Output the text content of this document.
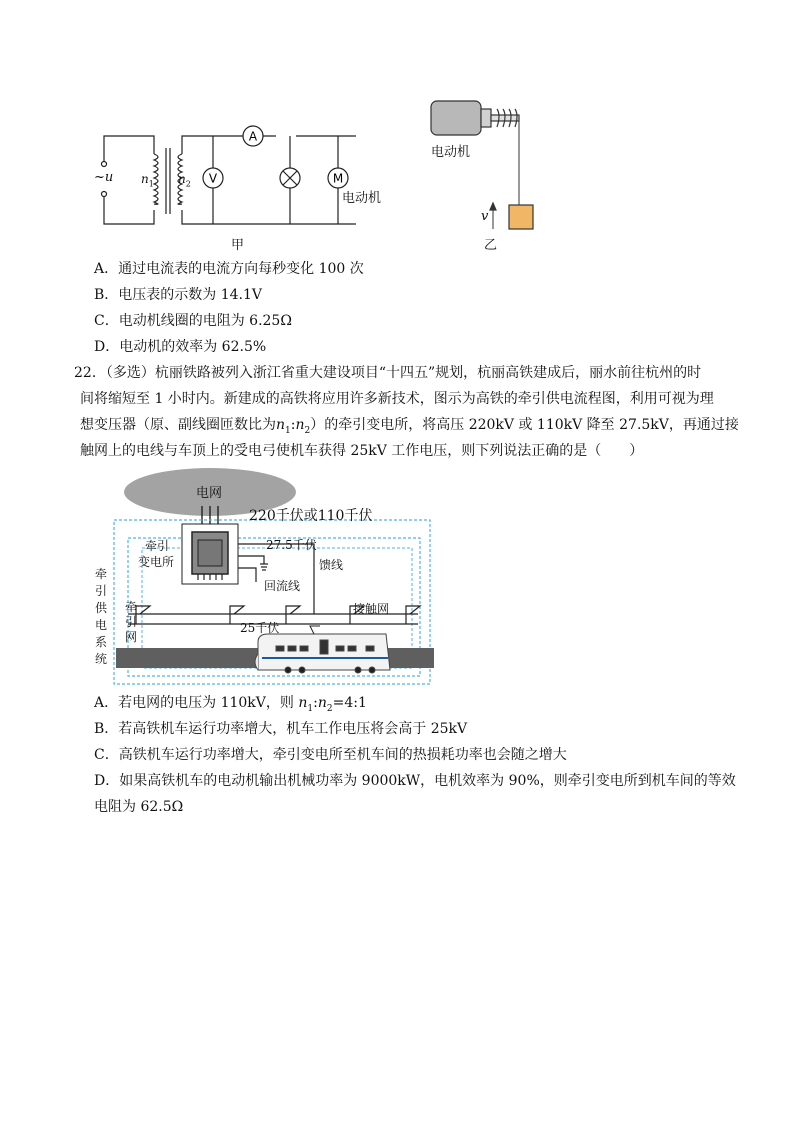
A
V	M
~u $n_1$ $n_2$
电动机
甲
电动机
v
乙
A．通过电流表的电流方向每秒变化 100 次
B．电压表的示数为 14.1V
C．电动机线圈的电阻为 6.25Ω
D．电动机的效率为 62.5%
22．（多选）杭丽铁路被列入浙江省重大建设项目“十四五”规划，杭丽高铁建成后，丽水前往杭州的时
间将缩短至 1 小时内。新建成的高铁将应用许多新技术，图示为高铁的牵引供电流程图，利用可视为理
想变压器（原、副线圈匝数比为$n_1:n_2$）的牵引变电所，将高压 220kV 或 110kV 降至 27.5kV，再通过接
触网上的电线与车顶上的受电弓使机车获得 25kV 工作电压，则下列说法正确的是（　　）
电网
220千伏或110千伏
牵引
变电所
27.5千伏
馈线
回流线
接触网
25千伏
牵引供电系统
牵引网
A．若电网的电压为 110kV，则 $n_1:n_2=4:1$
B．若高铁机车运行功率增大，机车工作电压将会高于 25kV
C．高铁机车运行功率增大，牵引变电所至机车间的热损耗功率也会随之增大
D．如果高铁机车的电动机输出机械功率为 9000kW，电机效率为 90%，则牵引变电所到机车间的等效
电阻为 62.5Ω
